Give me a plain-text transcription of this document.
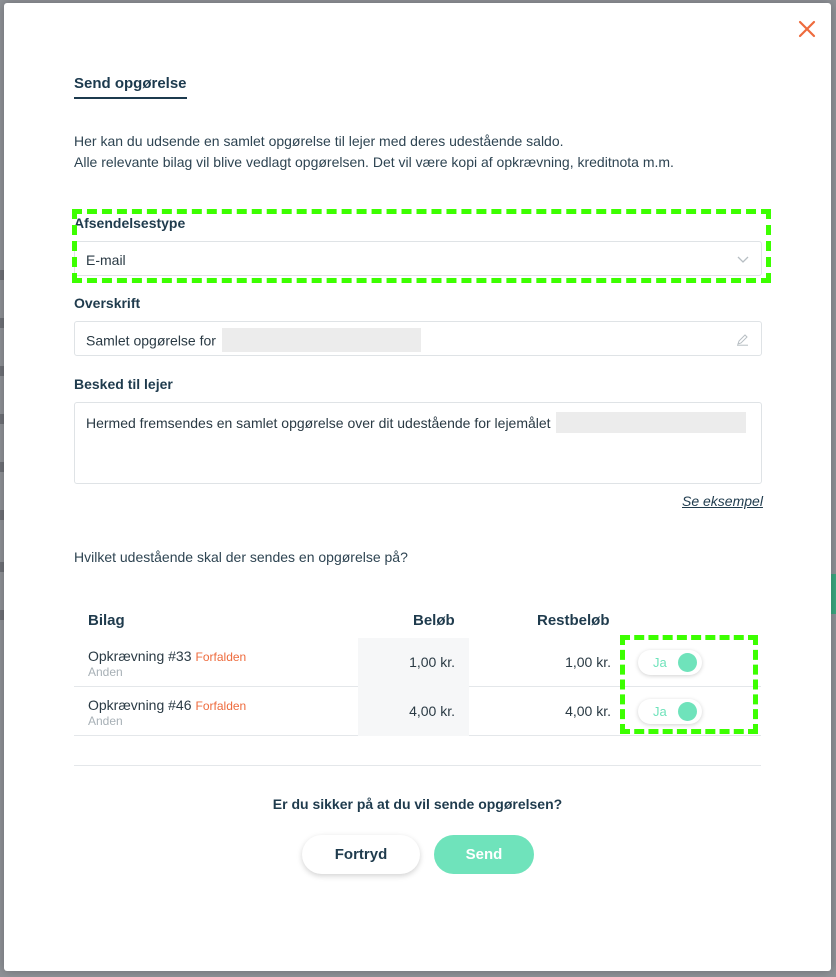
Send opgørelse
Her kan du udsende en samlet opgørelse til lejer med deres udestående saldo.
Alle relevante bilag vil blive vedlagt opgørelsen. Det vil være kopi af opkrævning, kreditnota m.m.
Afsendelsestype
E-mail
Overskrift
Samlet opgørelse for
Besked til lejer
Hermed fremsendes en samlet opgørelse over dit udestående for lejemålet
Se eksempel
Hvilket udestående skal der sendes en opgørelse på?
Bilag	Beløb	Restbeløb
Opkrævning #33 Forfalden
Anden
1,00 kr.	1,00 kr.	Ja
Opkrævning #46 Forfalden
Anden
4,00 kr.	4,00 kr.	Ja
Er du sikker på at du vil sende opgørelsen?
Fortryd	Send
